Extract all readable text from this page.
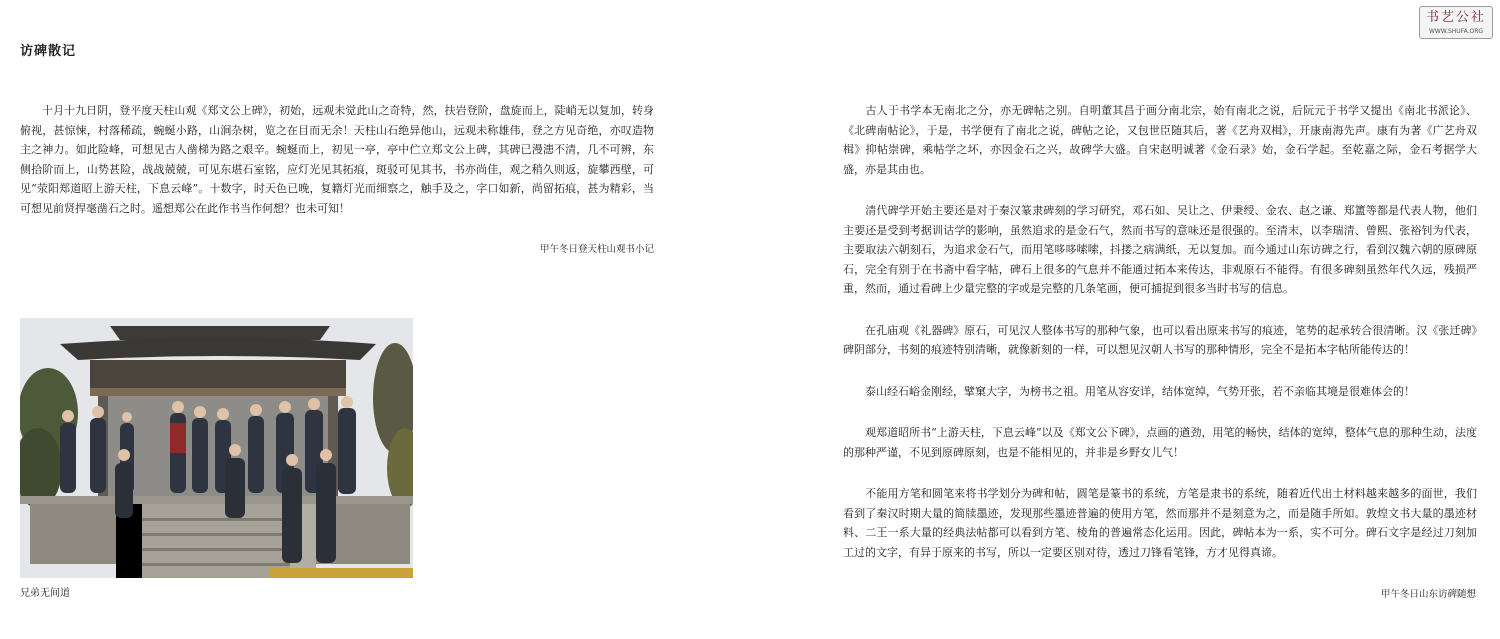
访碑散记

　　十月十九日阴，登平度天柱山观《郑文公上碑》，初始，远观未觉此山之奇特，然，扶岩登阶，盘旋而上，陡峭无以复加，转身俯视，甚惊悚，村落稀疏，蜿蜒小路，山涧杂树，览之在目而无余！天柱山石绝异他山，远观未称雄伟，登之方见奇绝，亦叹造物主之神力。如此险峰，可想见古人凿梯为路之艰辛。蜿蜒而上，初见一亭，亭中伫立郑文公上碑，其碑已漫漶不清，几不可辨，东侧拾阶而上，山势甚险，战战兢兢，可见东堪石室铭，应灯光见其拓痕，斑驳可见其书，书亦尚佳，观之稍久则返，旋攀西壁，可见“荥阳郑道昭上游天柱，下息云峰”。十数字，时天色已晚，复籍灯光而细察之，触手及之，字口如新，尚留拓痕，甚为精彩，当可想见前贤捍毫凿石之时。遥想郑公在此作书当作何想？也未可知！

甲午冬日登天柱山观书小记
兄弟无间道

　　古人于书学本无南北之分，亦无碑帖之别。自明董其昌于画分南北宗，始有南北之说，后阮元于书学又提出《南北书派论》、《北碑南帖论》，于是，书学便有了南北之说，碑帖之论，又包世臣随其后，著《艺舟双楫》，开康南海先声。康有为著《广艺舟双楫》抑帖崇碑，乘帖学之坏，亦因金石之兴，故碑学大盛。自宋赵明诚著《金石录》始，金石学起。至乾嘉之际，金石考据学大盛，亦是其由也。

　　清代碑学开始主要还是对于秦汉篆隶碑刻的学习研究，邓石如、吴让之、伊秉绶、金农、赵之谦、郑簠等都是代表人物，他们主要还是受到考据训诂学的影响，虽然追求的是金石气，然而书写的意味还是很强的。至清末，以李瑞清、曾熙、张裕钊为代表，主要取法六朝刻石，为追求金石气，而用笔哆哆嗦嗦，抖搂之病满纸，无以复加。而今通过山东访碑之行，看到汉魏六朝的原碑原石，完全有别于在书斋中看字帖，碑石上很多的气息并不能通过拓本来传达，非观原石不能得。有很多碑刻虽然年代久远，残损严重，然而，通过看碑上少量完整的字或是完整的几条笔画，便可捕捉到很多当时书写的信息。

　　在孔庙观《礼器碑》原石，可见汉人整体书写的那种气象，也可以看出原来书写的痕迹，笔势的起承转合很清晰。汉《张迁碑》碑阴部分，书刻的痕迹特别清晰，就像新刻的一样，可以想见汉朝人书写的那种情形，完全不是拓本字帖所能传达的！

　　泰山经石峪金刚经，擘窠大字，为榜书之祖。用笔从容安详，结体宽绰，气势开张，若不亲临其境是很难体会的！

　　观郑道昭所书“上游天柱，下息云峰”以及《郑文公下碑》，点画的遒劲，用笔的畅快，结体的宽绰，整体气息的那种生动，法度的那种严谨，不见到原碑原刻，也是不能相见的，并非是乡野女儿气！

　　不能用方笔和圆笔来将书学划分为碑和帖，圆笔是篆书的系统，方笔是隶书的系统，随着近代出土材料越来越多的面世，我们看到了秦汉时期大量的简牍墨迹，发现那些墨迹普遍的使用方笔，然而那并不是刻意为之，而是随手所如。敦煌文书大量的墨迹材料、二王一系大量的经典法帖都可以看到方笔、棱角的普遍常态化运用。因此，碑帖本为一系，实不可分。碑石文字是经过刀刻加工过的文字，有异于原来的书写，所以一定要区别对待，透过刀锋看笔锋，方才见得真谛。

甲午冬日山东访碑随想
书艺公社
WWW.SHUFA.ORG
